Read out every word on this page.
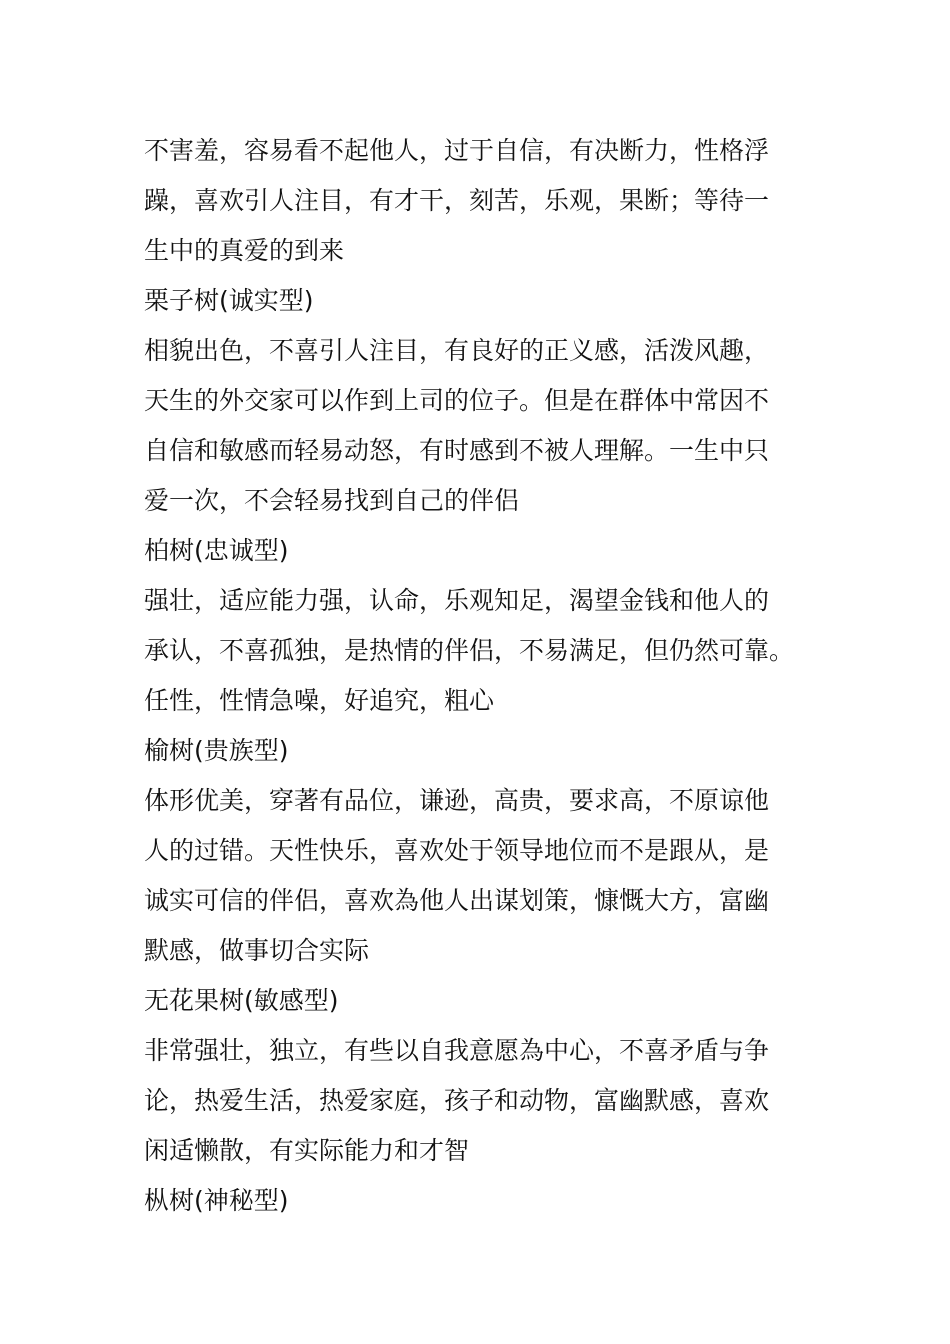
不害羞，容易看不起他人，过于自信，有决断力，性格浮
躁，喜欢引人注目，有才干，刻苦，乐观，果断；等待一
生中的真爱的到来
栗子树(诚实型)
相貌出色，不喜引人注目，有良好的正义感，活泼风趣，
天生的外交家可以作到上司的位子。但是在群体中常因不
自信和敏感而轻易动怒，有时感到不被人理解。一生中只
爱一次，不会轻易找到自己的伴侣
柏树(忠诚型)
强壮，适应能力强，认命，乐观知足，渴望金钱和他人的
承认，不喜孤独，是热情的伴侣，不易满足，但仍然可靠。
任性，性情急噪，好追究，粗心
榆树(贵族型)
体形优美，穿著有品位，谦逊，高贵，要求高，不原谅他
人的过错。天性快乐，喜欢处于领导地位而不是跟从，是
诚实可信的伴侣，喜欢為他人出谋划策，慷慨大方，富幽
默感，做事切合实际
无花果树(敏感型)
非常强壮，独立，有些以自我意愿為中心，不喜矛盾与争
论，热爱生活，热爱家庭，孩子和动物，富幽默感，喜欢
闲适懒散，有实际能力和才智
枞树(神秘型)
